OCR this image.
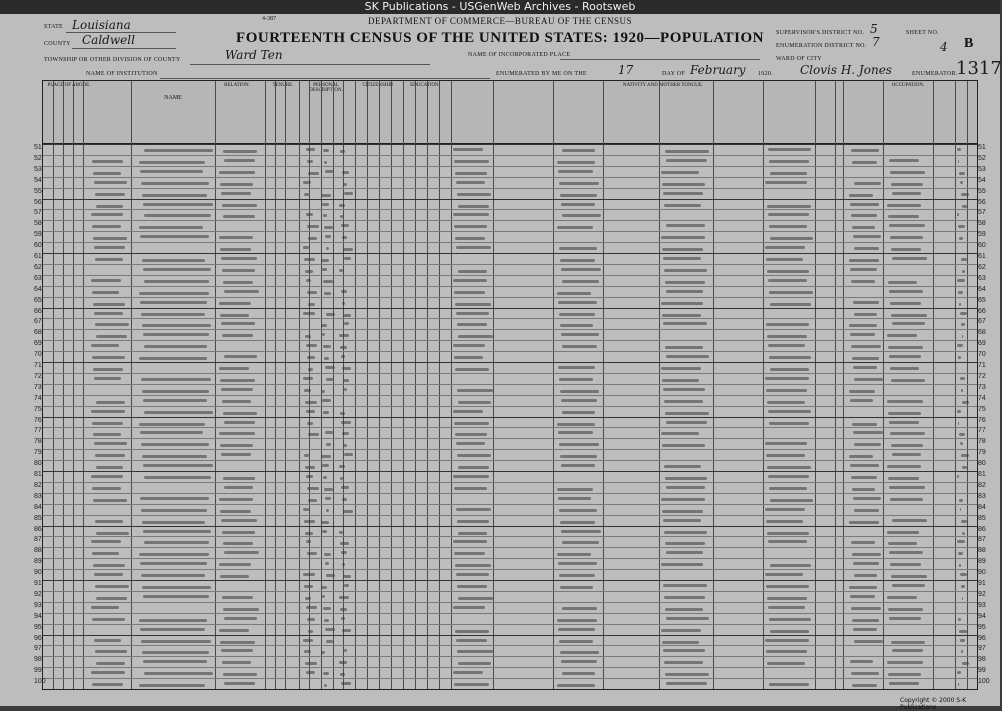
SK Publications - USGenWeb Archives - Rootsweb
4-387	DEPARTMENT OF COMMERCE—BUREAU OF THE CENSUS
FOURTEENTH CENSUS OF THE UNITED STATES: 1920—POPULATION
STATE Louisiana
COUNTY Caldwell
TOWNSHIP OR OTHER DIVISION OF COUNTY	Ward Ten
NAME OF INSTITUTION
NAME OF INCORPORATED PLACE
ENUMERATED BY ME ON THE	17	DAY OF February 1920. Clovis H. Jones	ENUMERATOR.
SUPERVISOR'S DISTRICT NO. 5
ENUMERATION DISTRICT NO. 7
WARD OF CITY
SHEET NO.
4 B
1317
PLACE OF ABODE.
NAME
RELATION.	TENURE.	PERSONAL DESCRIPTION.
CITIZENSHIP.	EDUCATION.	NATIVITY AND MOTHER TONGUE.	OCCUPATION.
Copyright © 2000 S-K Publications
51	51
52	52
53	53
54	54
55	55
56	56
57	57
58	58
59	59
60	60
61	61
62	62
63	63
64	64
65	65
66	66
67	67
68	68
69	69
70	70
71	71
72	72
73	73
74	74
75	75
76	76
77	77
78	78
79	79
80	80
81	81
82	82
83	83
84	84
85	85
86	86
87	87
88	88
89	89
90	90
91	91
92	92
93	93
94	94
95	95
96	96
97	97
98	98
99	99
100	100
